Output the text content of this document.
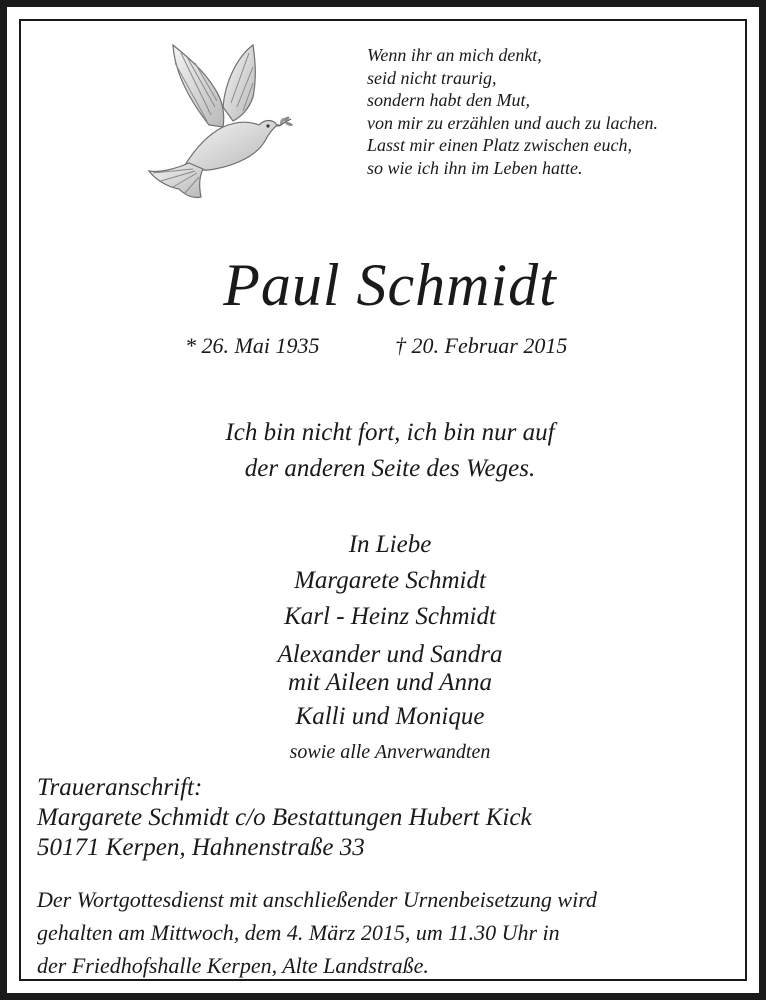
Wenn ihr an mich denkt,
seid nicht traurig,
sondern habt den Mut,
von mir zu erzählen und auch zu lachen.
Lasst mir einen Platz zwischen euch,
so wie ich ihn im Leben hatte.
Paul Schmidt
* 26. Mai 1935	† 20. Februar 2015
Ich bin nicht fort, ich bin nur auf
der anderen Seite des Weges.
In Liebe
Margarete Schmidt
Karl - Heinz Schmidt
Alexander und Sandra
mit Aileen und Anna
Kalli und Monique
sowie alle Anverwandten
Traueranschrift:
Margarete Schmidt c/o Bestattungen Hubert Kick
50171 Kerpen, Hahnenstraße 33
Der Wortgottesdienst mit anschließender Urnenbeisetzung wird
gehalten am Mittwoch, dem 4. März 2015, um 11.30 Uhr in
der Friedhofshalle Kerpen, Alte Landstraße.
